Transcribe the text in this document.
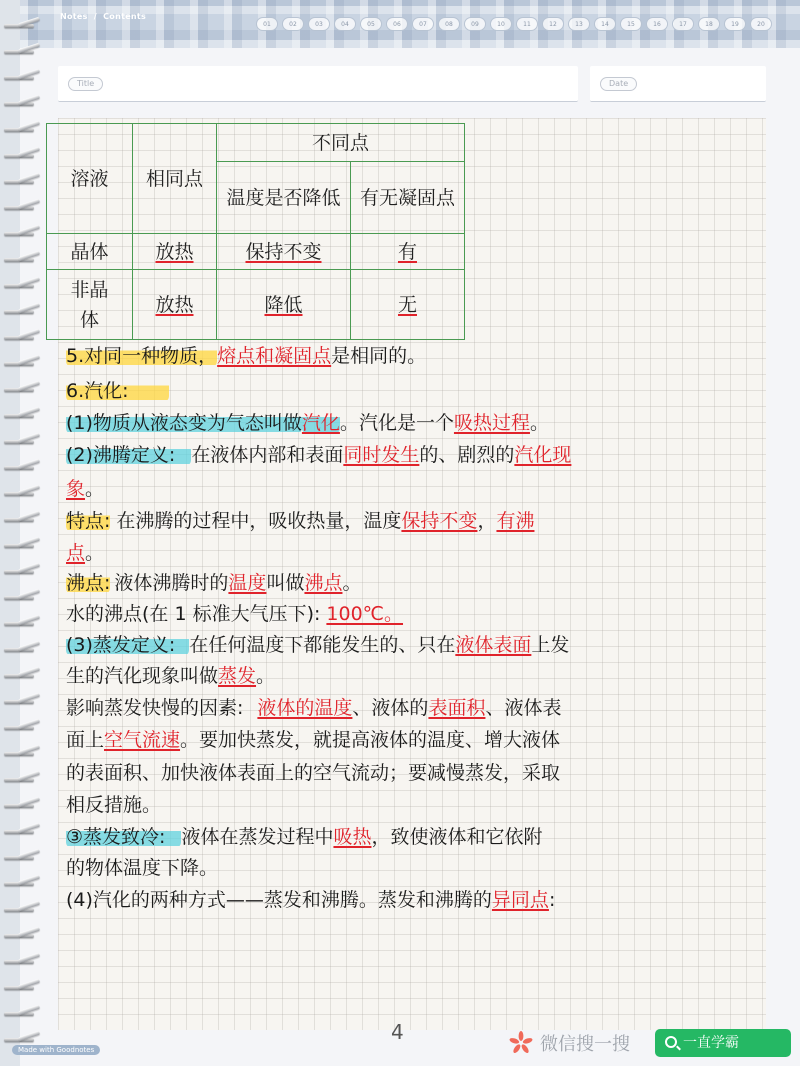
Notes / Contents
01	02	03	04	05	06	07	08	09	10	11	12	13	14	15	16	17	18	19	20
Title	Date
溶液	相同点	不同点	
		温度是否降低	有无凝固点
晶体	放热	保持不变	有
非晶体	放热	降低	无
5.对同一种物质，熔点和凝固点是相同的。
6.汽化:
(1)物质从液态变为气态叫做汽化。汽化是一个吸热过程。
(2)沸腾定义: 在液体内部和表面同时发生的、剧烈的汽化现
象。
特点: 在沸腾的过程中，吸收热量，温度保持不变，有沸
点。
沸点: 液体沸腾时的温度叫做沸点。
水的沸点(在 1 标准大气压下): 100℃。
(3)蒸发定义: 在任何温度下都能发生的、只在液体表面上发
生的汽化现象叫做蒸发。
影响蒸发快慢的因素: 液体的温度、液体的表面积、液体表
面上空气流速。要加快蒸发，就提高液体的温度、增大液体
的表面积、加快液体表面上的空气流动；要减慢蒸发，采取
相反措施。
③蒸发致冷: 液体在蒸发过程中吸热，致使液体和它依附
的物体温度下降。
(4)汽化的两种方式——蒸发和沸腾。蒸发和沸腾的异同点:
4
Made with Goodnotes	微信搜一搜	一直学霸
